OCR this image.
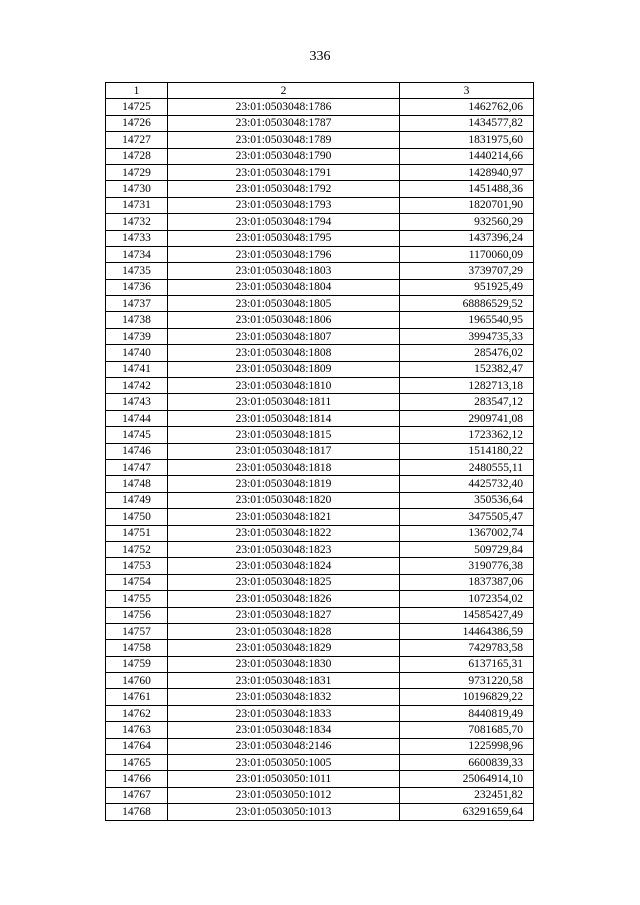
336
1	2	3
14725	23:01:0503048:1786	1462762,06
14726	23:01:0503048:1787	1434577,82
14727	23:01:0503048:1789	1831975,60
14728	23:01:0503048:1790	1440214,66
14729	23:01:0503048:1791	1428940,97
14730	23:01:0503048:1792	1451488,36
14731	23:01:0503048:1793	1820701,90
14732	23:01:0503048:1794	932560,29
14733	23:01:0503048:1795	1437396,24
14734	23:01:0503048:1796	1170060,09
14735	23:01:0503048:1803	3739707,29
14736	23:01:0503048:1804	951925,49
14737	23:01:0503048:1805	68886529,52
14738	23:01:0503048:1806	1965540,95
14739	23:01:0503048:1807	3994735,33
14740	23:01:0503048:1808	285476,02
14741	23:01:0503048:1809	152382,47
14742	23:01:0503048:1810	1282713,18
14743	23:01:0503048:1811	283547,12
14744	23:01:0503048:1814	2909741,08
14745	23:01:0503048:1815	1723362,12
14746	23:01:0503048:1817	1514180,22
14747	23:01:0503048:1818	2480555,11
14748	23:01:0503048:1819	4425732,40
14749	23:01:0503048:1820	350536,64
14750	23:01:0503048:1821	3475505,47
14751	23:01:0503048:1822	1367002,74
14752	23:01:0503048:1823	509729,84
14753	23:01:0503048:1824	3190776,38
14754	23:01:0503048:1825	1837387,06
14755	23:01:0503048:1826	1072354,02
14756	23:01:0503048:1827	14585427,49
14757	23:01:0503048:1828	14464386,59
14758	23:01:0503048:1829	7429783,58
14759	23:01:0503048:1830	6137165,31
14760	23:01:0503048:1831	9731220,58
14761	23:01:0503048:1832	10196829,22
14762	23:01:0503048:1833	8440819,49
14763	23:01:0503048:1834	7081685,70
14764	23:01:0503048:2146	1225998,96
14765	23:01:0503050:1005	6600839,33
14766	23:01:0503050:1011	25064914,10
14767	23:01:0503050:1012	232451,82
14768	23:01:0503050:1013	63291659,64
